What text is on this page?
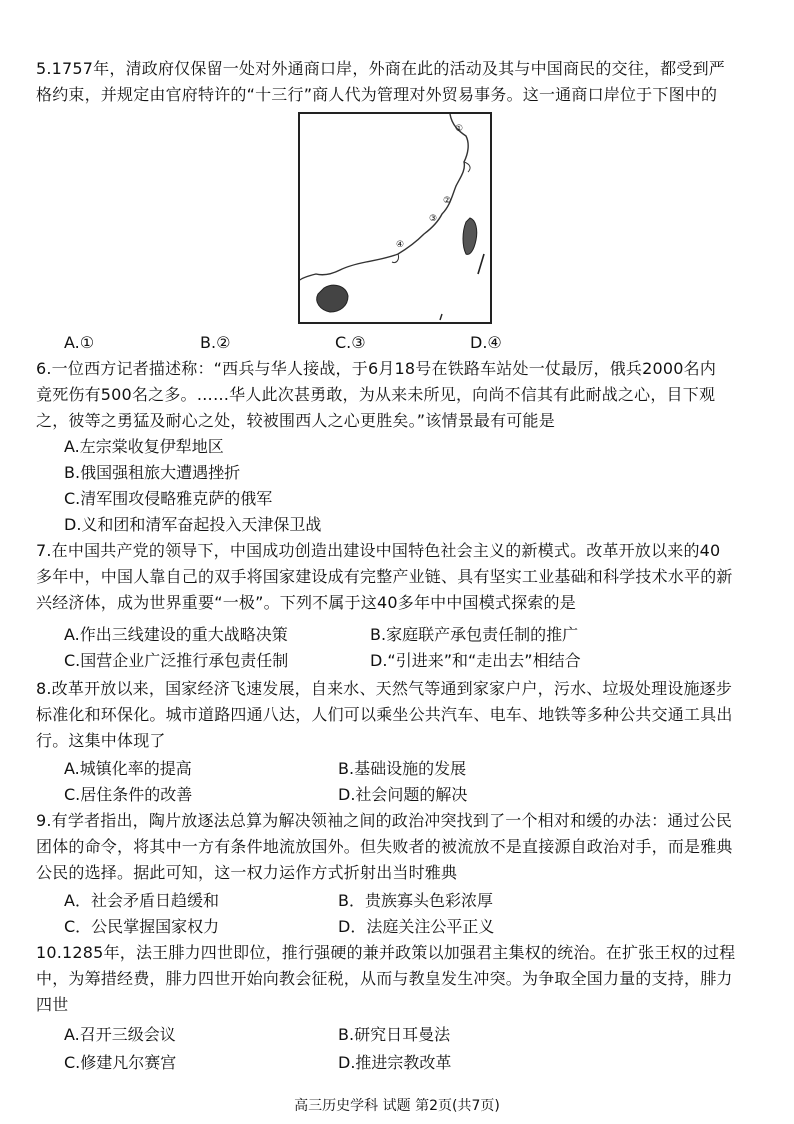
5.1757年，清政府仅保留一处对外通商口岸，外商在此的活动及其与中国商民的交往，都受到严
格约束，并规定由官府特许的“十三行”商人代为管理对外贸易事务。这一通商口岸位于下图中的
①
②
③
④
A.①	B.②	C.③	D.④
6.一位西方记者描述称：“西兵与华人接战，于6月18号在铁路车站处一仗最厉，俄兵2000名内
竟死伤有500名之多。……华人此次甚勇敢，为从来未所见，向尚不信其有此耐战之心，目下观
之，彼等之勇猛及耐心之处，较被围西人之心更胜矣。”该情景最有可能是
A.左宗棠收复伊犁地区
B.俄国强租旅大遭遇挫折
C.清军围攻侵略雅克萨的俄军
D.义和团和清军奋起投入天津保卫战
7.在中国共产党的领导下，中国成功创造出建设中国特色社会主义的新模式。改革开放以来的40
多年中，中国人靠自己的双手将国家建设成有完整产业链、具有坚实工业基础和科学技术水平的新
兴经济体，成为世界重要“一极”。下列不属于这40多年中中国模式探索的是
A.作出三线建设的重大战略决策	B.家庭联产承包责任制的推广
C.国营企业广泛推行承包责任制	D.“引进来”和“走出去”相结合
8.改革开放以来，国家经济飞速发展，自来水、天然气等通到家家户户，污水、垃圾处理设施逐步
标准化和环保化。城市道路四通八达，人们可以乘坐公共汽车、电车、地铁等多种公共交通工具出
行。这集中体现了
A.城镇化率的提高	B.基础设施的发展
C.居住条件的改善	D.社会问题的解决
9.有学者指出，陶片放逐法总算为解决领袖之间的政治冲突找到了一个相对和缓的办法：通过公民
团体的命令，将其中一方有条件地流放国外。但失败者的被流放不是直接源自政治对手，而是雅典
公民的选择。据此可知，这一权力运作方式折射出当时雅典
A．社会矛盾日趋缓和	B．贵族寡头色彩浓厚
C．公民掌握国家权力	D．法庭关注公平正义
10.1285年，法王腓力四世即位，推行强硬的兼并政策以加强君主集权的统治。在扩张王权的过程
中，为筹措经费，腓力四世开始向教会征税，从而与教皇发生冲突。为争取全国力量的支持，腓力
四世
A.召开三级会议	B.研究日耳曼法
C.修建凡尔赛宫	D.推进宗教改革
高三历史学科 试题 第2页(共7页)
